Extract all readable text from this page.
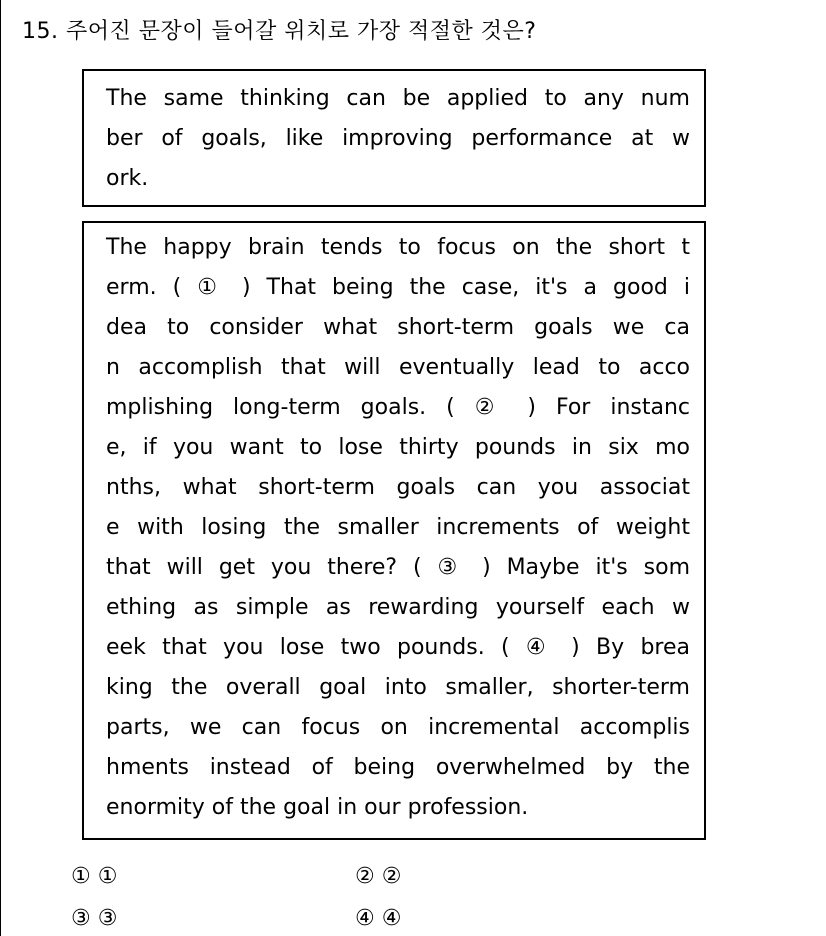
15. 주어진 문장이 들어갈 위치로 가장 적절한 것은?
The same thinking can be applied to any num
ber of goals, like improving performance at w
ork.
The happy brain tends to focus on the short t
erm. ( ① ) That being the case, it's a good i
dea to consider what short-term goals we ca
n accomplish that will eventually lead to acco
mplishing long-term goals. ( ② ) For instanc
e, if you want to lose thirty pounds in six mo
nths, what short-term goals can you associat
e with losing the smaller increments of weight
that will get you there? ( ③ ) Maybe it's som
ething as simple as rewarding yourself each w
eek that you lose two pounds. ( ④ ) By brea
king the overall goal into smaller, shorter-term
parts, we can focus on incremental accomplis
hments instead of being overwhelmed by the
enormity of the goal in our profession.
① ①	② ②
③ ③	④ ④
